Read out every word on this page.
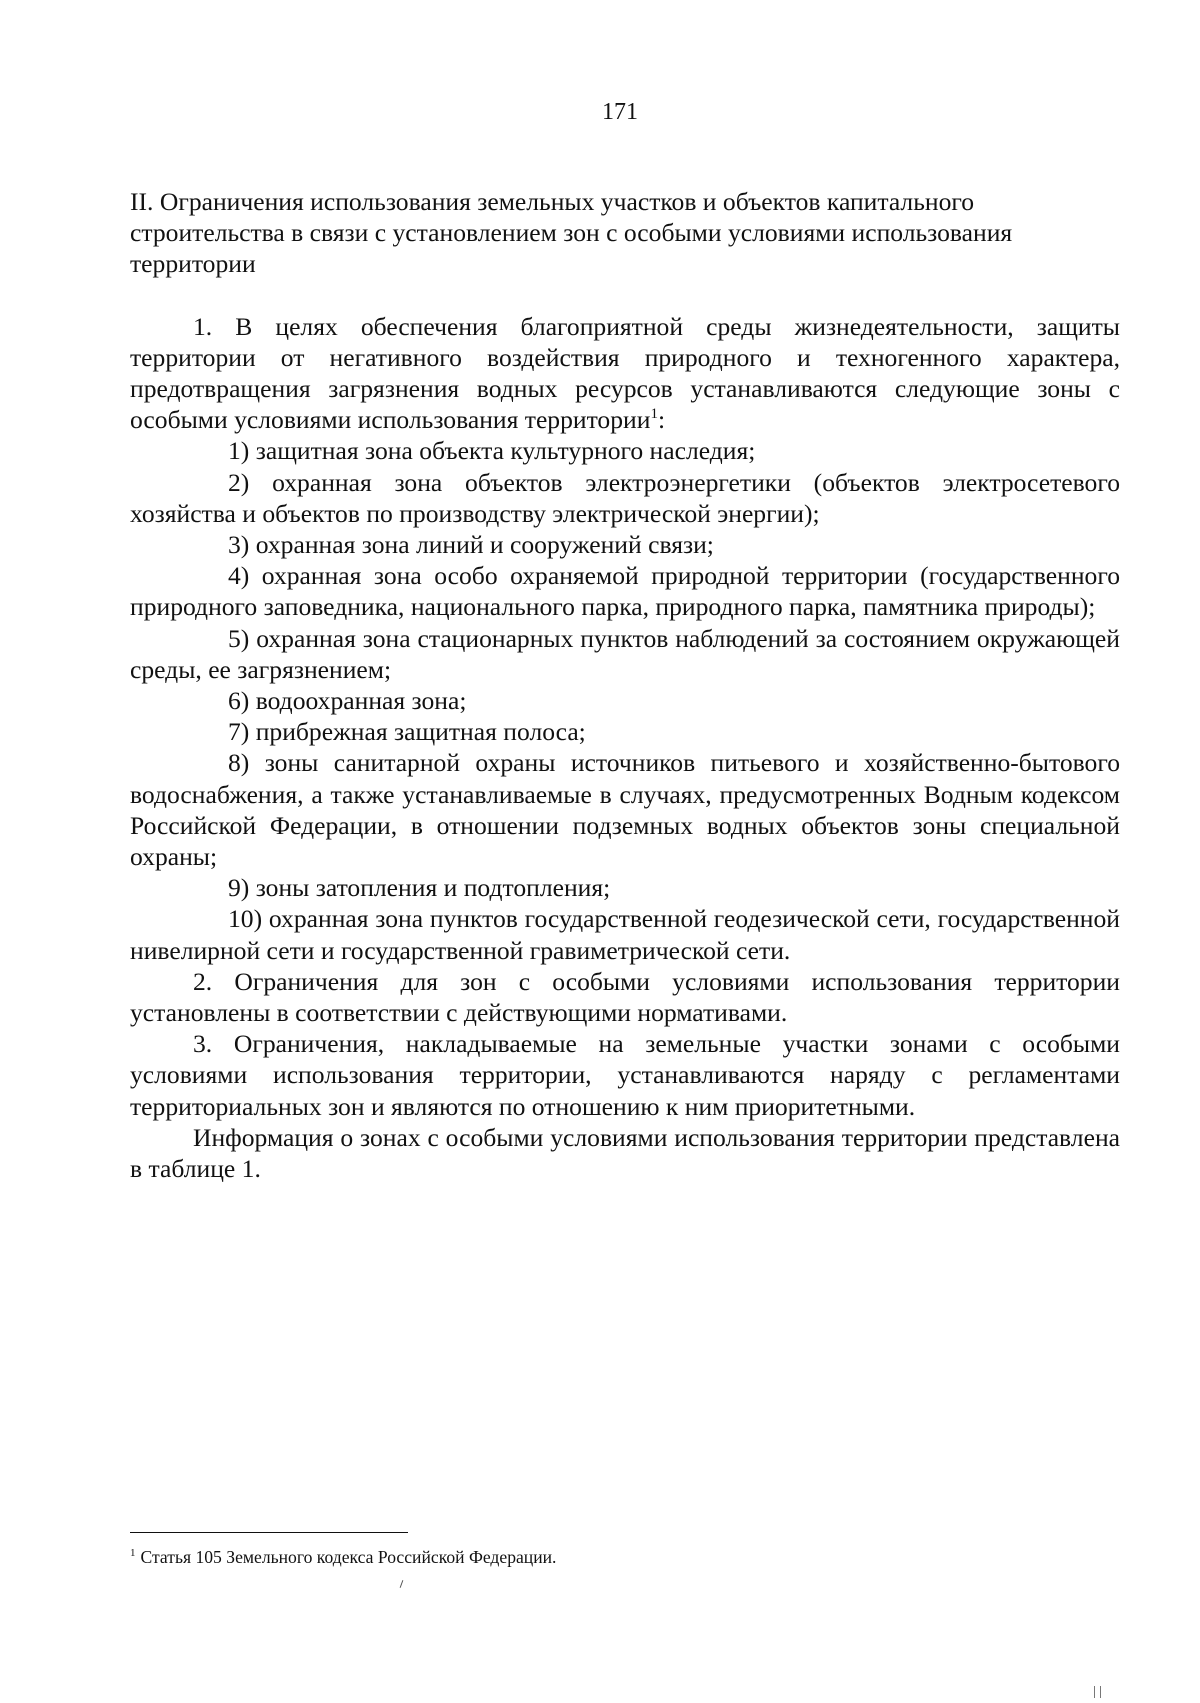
171

II. Ограничения использования земельных участков и объектов капитального строительства в связи с установлением зон с особыми условиями использования территории

1. В целях обеспечения благоприятной среды жизнедеятельности, защиты территории от негативного воздействия природного и техногенного характера, предотвращения загрязнения водных ресурсов устанавливаются следующие зоны с особыми условиями использования территории$^1$:

1) защитная зона объекта культурного наследия;

2) охранная зона объектов электроэнергетики (объектов электросетевого хозяйства и объектов по производству электрической энергии);

3) охранная зона линий и сооружений связи;

4) охранная зона особо охраняемой природной территории (государственного природного заповедника, национального парка, природного парка, памятника природы);

5) охранная зона стационарных пунктов наблюдений за состоянием окружающей среды, ее загрязнением;

6) водоохранная зона;

7) прибрежная защитная полоса;

8) зоны санитарной охраны источников питьевого и хозяйственно-бытового водоснабжения, а также устанавливаемые в случаях, предусмотренных Водным кодексом Российской Федерации, в отношении подземных водных объектов зоны специальной охраны;

9) зоны затопления и подтопления;

10) охранная зона пунктов государственной геодезической сети, государственной нивелирной сети и государственной гравиметрической сети.

2. Ограничения для зон с особыми условиями использования территории установлены в соответствии с действующими нормативами.

3. Ограничения, накладываемые на земельные участки зонами с особыми условиями использования территории, устанавливаются наряду с регламентами территориальных зон и являются по отношению к ним приоритетными.

Информация о зонах с особыми условиями использования территории представлена в таблице 1.

$^1$ Статья 105 Земельного кодекса Российской Федерации.
